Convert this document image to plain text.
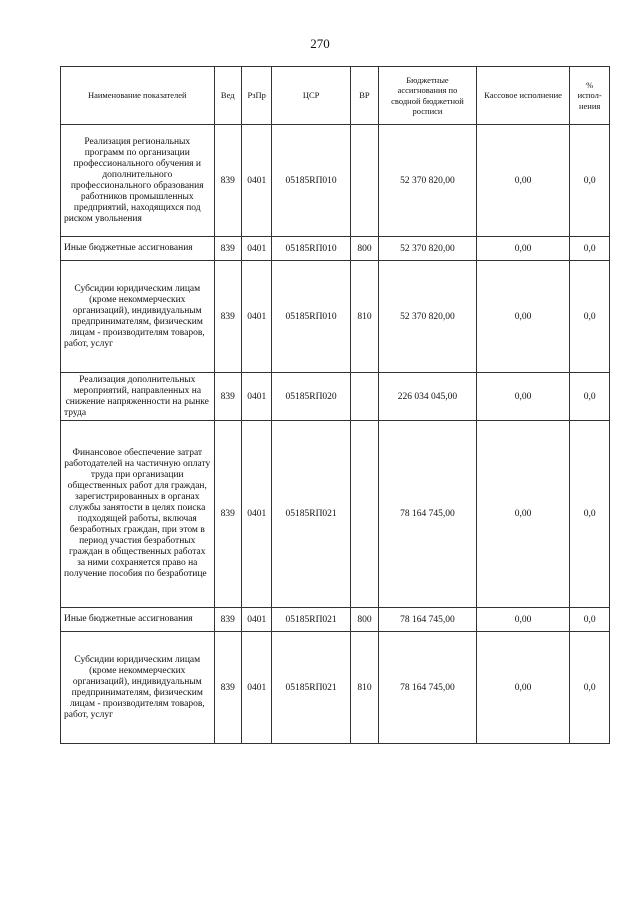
270
Наименование показателей	Вед	РзПр	ЦСР	ВР	Бюджетные ассигнования по сводной бюджетной росписи	Кассовое исполнение	% испол- нения
Реализация региональных программ по организации профессионального обучения и дополнительного профессионального образования работников промышленных предприятий, находящихся под риском увольнения	839	0401	05185RП010		52 370 820,00	0,00	0,0
Иные бюджетные ассигнования	839	0401	05185RП010	800	52 370 820,00	0,00	0,0
Субсидии юридическим лицам (кроме некоммерческих организаций), индивидуальным предпринимателям, физическим лицам - производителям товаров, работ, услуг	839	0401	05185RП010	810	52 370 820,00	0,00	0,0
Реализация дополнительных мероприятий, направленных на снижение напряженности на рынке труда	839	0401	05185RП020		226 034 045,00	0,00	0,0
Финансовое обеспечение затрат работодателей на частичную оплату труда при организации общественных работ для граждан, зарегистрированных в органах службы занятости в целях поиска подходящей работы, включая безработных граждан, при этом в период участия безработных граждан в общественных работах за ними сохраняется право на получение пособия по безработице	839	0401	05185RП021		78 164 745,00	0,00	0,0
Иные бюджетные ассигнования	839	0401	05185RП021	800	78 164 745,00	0,00	0,0
Субсидии юридическим лицам (кроме некоммерческих организаций), индивидуальным предпринимателям, физическим лицам - производителям товаров, работ, услуг	839	0401	05185RП021	810	78 164 745,00	0,00	0,0
